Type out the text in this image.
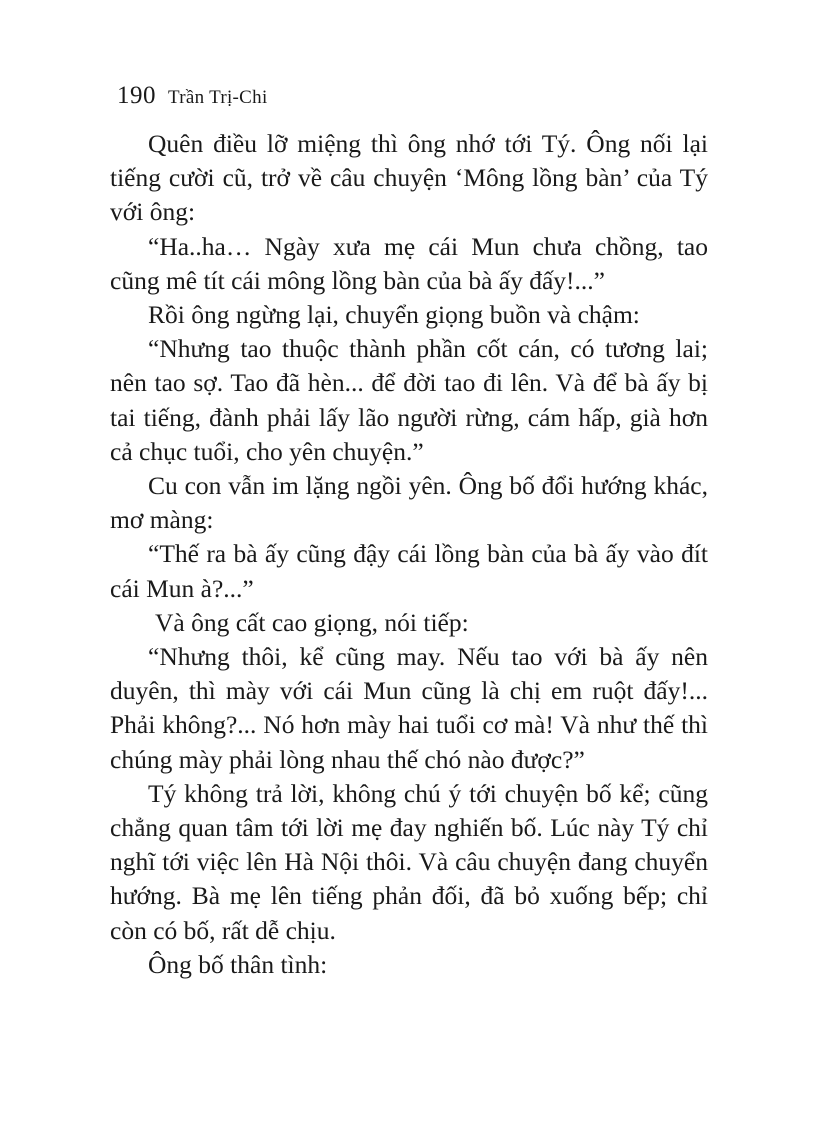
190 Trần Trị-Chi

Quên điều lỡ miệng thì ông nhớ tới Tý. Ông nối lại tiếng cười cũ, trở về câu chuyện ‘Mông lồng bàn’ của Tý với ông:

“Ha..ha… Ngày xưa mẹ cái Mun chưa chồng, tao cũng mê tít cái mông lồng bàn của bà ấy đấy!...”

Rồi ông ngừng lại, chuyển giọng buồn và chậm:

“Nhưng tao thuộc thành phần cốt cán, có tương lai; nên tao sợ. Tao đã hèn... để đời tao đi lên. Và để bà ấy bị tai tiếng, đành phải lấy lão người rừng, cám hấp, già hơn cả chục tuổi, cho yên chuyện.”

Cu con vẫn im lặng ngồi yên. Ông bố đổi hướng khác, mơ màng:

“Thế ra bà ấy cũng đậy cái lồng bàn của bà ấy vào đít cái Mun à?...”

Và ông cất cao giọng, nói tiếp:

“Nhưng thôi, kể cũng may. Nếu tao với bà ấy nên duyên, thì mày với cái Mun cũng là chị em ruột đấy!... Phải không?... Nó hơn mày hai tuổi cơ mà! Và như thế thì chúng mày phải lòng nhau thế chó nào được?”

Tý không trả lời, không chú ý tới chuyện bố kể; cũng chẳng quan tâm tới lời mẹ đay nghiến bố. Lúc này Tý chỉ nghĩ tới việc lên Hà Nội thôi. Và câu chuyện đang chuyển hướng. Bà mẹ lên tiếng phản đối, đã bỏ xuống bếp; chỉ còn có bố, rất dễ chịu.

Ông bố thân tình:
